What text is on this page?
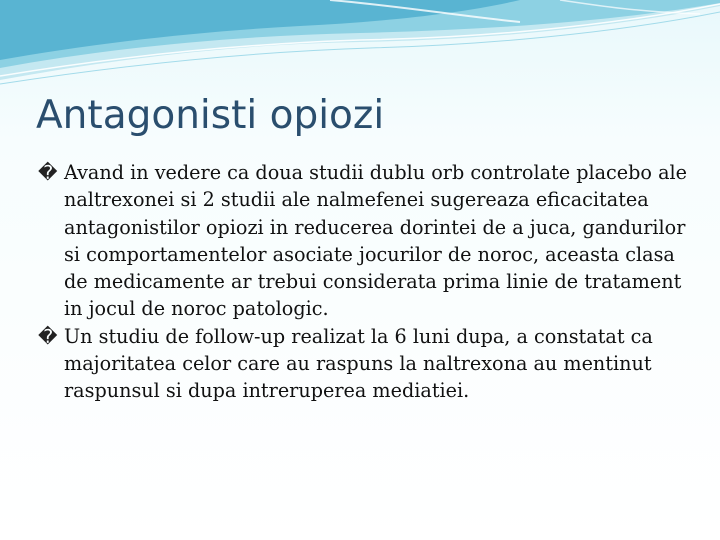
Antagonisti opiozi
� Avand in vedere ca doua studii dublu orb controlate placebo ale naltrexonei si 2 studii ale nalmefenei sugereaza eficacitatea antagonistilor opiozi in reducerea dorintei de a juca, gandurilor si comportamentelor asociate jocurilor de noroc, aceasta clasa de medicamente ar trebui considerata prima linie de tratament in jocul de noroc patologic.
� Un studiu de follow-up realizat la 6 luni dupa, a constatat ca majoritatea celor care au raspuns la naltrexona au mentinut raspunsul si dupa intreruperea mediatiei.
